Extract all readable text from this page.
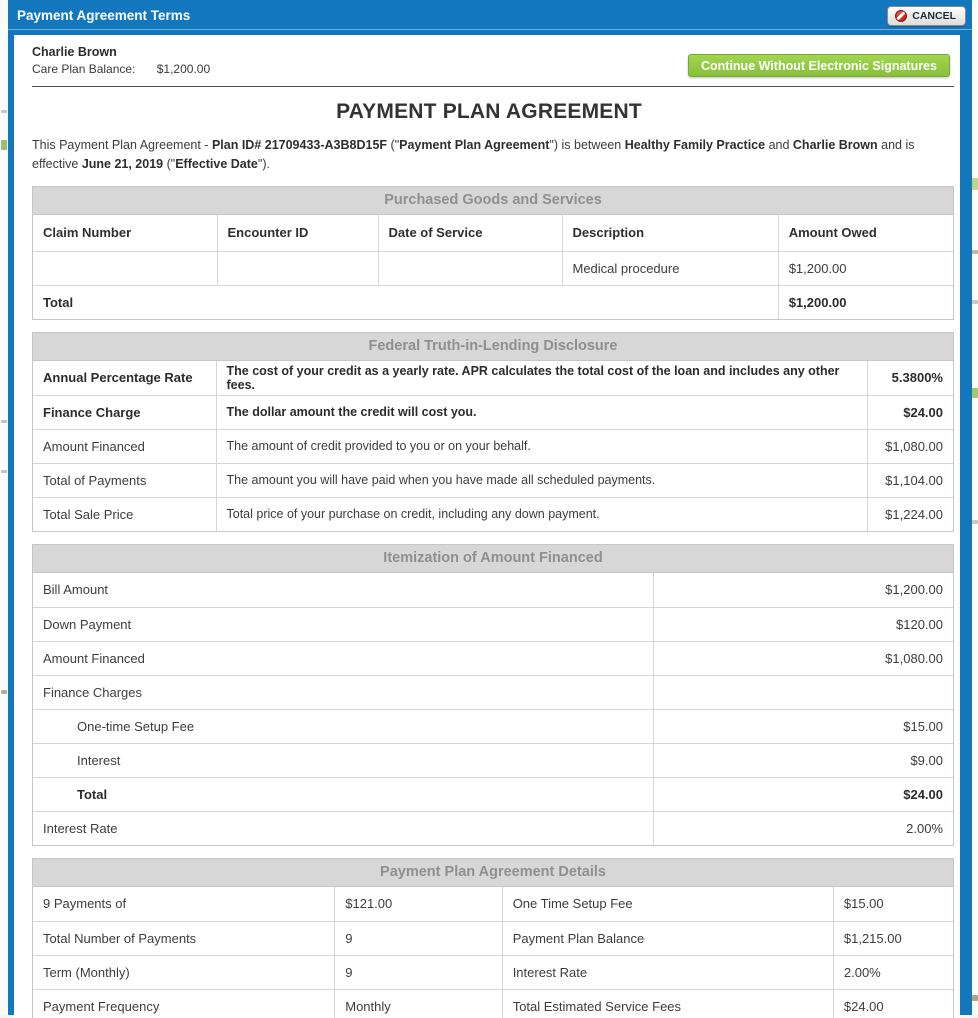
Payment Agreement Terms	CANCEL
Charlie Brown
Care Plan Balance: $1,200.00	Continue Without Electronic Signatures
PAYMENT PLAN AGREEMENT

This Payment Plan Agreement - Plan ID# 21709433-A3B8D15F ("Payment Plan Agreement") is between Healthy Family Practice and Charlie Brown and is effective June 21, 2019 ("Effective Date").

Purchased Goods and Services
Claim Number	Encounter ID	Date of Service	Description	Amount Owed
			Medical procedure	$1,200.00
Total				$1,200.00
Federal Truth-in-Lending Disclosure
Annual Percentage Rate	The cost of your credit as a yearly rate. APR calculates the total cost of the loan and includes any other fees.	5.3800%
Finance Charge	The dollar amount the credit will cost you.	$24.00
Amount Financed	The amount of credit provided to you or on your behalf.	$1,080.00
Total of Payments	The amount you will have paid when you have made all scheduled payments.	$1,104.00
Total Sale Price	Total price of your purchase on credit, including any down payment.	$1,224.00
Itemization of Amount Financed
Bill Amount	$1,200.00
Down Payment	$120.00
Amount Financed	$1,080.00
Finance Charges	
One-time Setup Fee	$15.00
Interest	$9.00
Total	$24.00
Interest Rate	2.00%
Payment Plan Agreement Details
9 Payments of	$121.00	One Time Setup Fee	$15.00
Total Number of Payments	9	Payment Plan Balance	$1,215.00
Term (Monthly)	9	Interest Rate	2.00%
Payment Frequency	Monthly	Total Estimated Service Fees	$24.00
